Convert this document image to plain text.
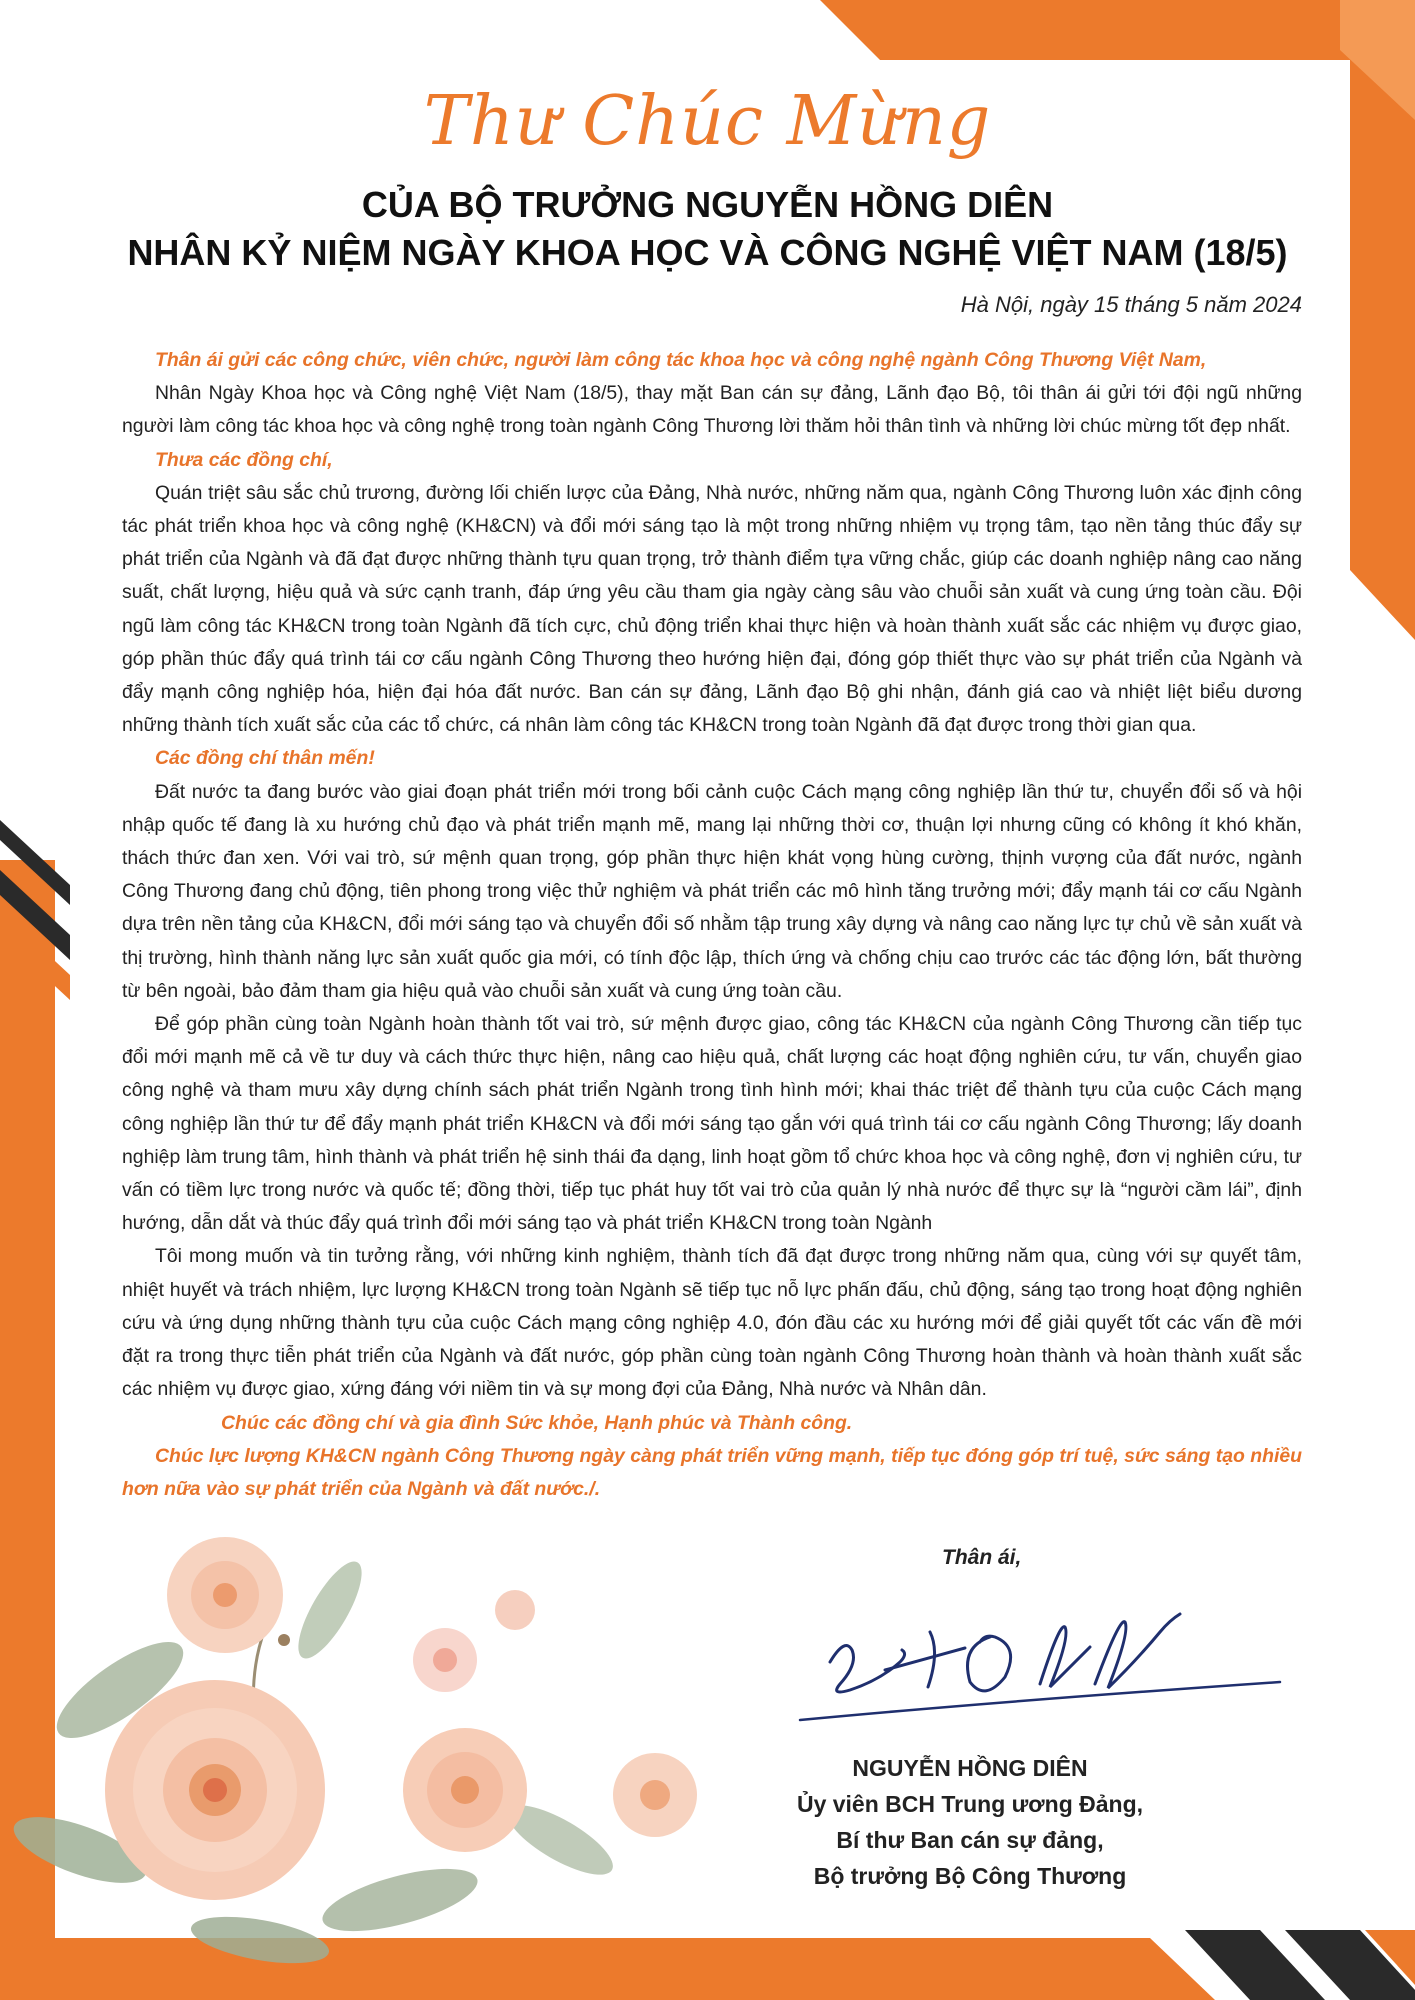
Thư Chúc Mừng
CỦA BỘ TRƯỞNG NGUYỄN HỒNG DIÊN
NHÂN KỶ NIỆM NGÀY KHOA HỌC VÀ CÔNG NGHỆ VIỆT NAM (18/5)
Hà Nội, ngày 15 tháng 5 năm 2024

Thân ái gửi các công chức, viên chức, người làm công tác khoa học và công nghệ ngành Công Thương Việt Nam,

Nhân Ngày Khoa học và Công nghệ Việt Nam (18/5), thay mặt Ban cán sự đảng, Lãnh đạo Bộ, tôi thân ái gửi tới đội ngũ những người làm công tác khoa học và công nghệ trong toàn ngành Công Thương lời thăm hỏi thân tình và những lời chúc mừng tốt đẹp nhất.

Thưa các đồng chí,

Quán triệt sâu sắc chủ trương, đường lối chiến lược của Đảng, Nhà nước, những năm qua, ngành Công Thương luôn xác định công tác phát triển khoa học và công nghệ (KH&CN) và đổi mới sáng tạo là một trong những nhiệm vụ trọng tâm, tạo nền tảng thúc đẩy sự phát triển của Ngành và đã đạt được những thành tựu quan trọng, trở thành điểm tựa vững chắc, giúp các doanh nghiệp nâng cao năng suất, chất lượng, hiệu quả và sức cạnh tranh, đáp ứng yêu cầu tham gia ngày càng sâu vào chuỗi sản xuất và cung ứng toàn cầu. Đội ngũ làm công tác KH&CN trong toàn Ngành đã tích cực, chủ động triển khai thực hiện và hoàn thành xuất sắc các nhiệm vụ được giao, góp phần thúc đẩy quá trình tái cơ cấu ngành Công Thương theo hướng hiện đại, đóng góp thiết thực vào sự phát triển của Ngành và đẩy mạnh công nghiệp hóa, hiện đại hóa đất nước. Ban cán sự đảng, Lãnh đạo Bộ ghi nhận, đánh giá cao và nhiệt liệt biểu dương những thành tích xuất sắc của các tổ chức, cá nhân làm công tác KH&CN trong toàn Ngành đã đạt được trong thời gian qua.

Các đồng chí thân mến!

Đất nước ta đang bước vào giai đoạn phát triển mới trong bối cảnh cuộc Cách mạng công nghiệp lần thứ tư, chuyển đổi số và hội nhập quốc tế đang là xu hướng chủ đạo và phát triển mạnh mẽ, mang lại những thời cơ, thuận lợi nhưng cũng có không ít khó khăn, thách thức đan xen. Với vai trò, sứ mệnh quan trọng, góp phần thực hiện khát vọng hùng cường, thịnh vượng của đất nước, ngành Công Thương đang chủ động, tiên phong trong việc thử nghiệm và phát triển các mô hình tăng trưởng mới; đẩy mạnh tái cơ cấu Ngành dựa trên nền tảng của KH&CN, đổi mới sáng tạo và chuyển đổi số nhằm tập trung xây dựng và nâng cao năng lực tự chủ về sản xuất và thị trường, hình thành năng lực sản xuất quốc gia mới, có tính độc lập, thích ứng và chống chịu cao trước các tác động lớn, bất thường từ bên ngoài, bảo đảm tham gia hiệu quả vào chuỗi sản xuất và cung ứng toàn cầu.

Để góp phần cùng toàn Ngành hoàn thành tốt vai trò, sứ mệnh được giao, công tác KH&CN của ngành Công Thương cần tiếp tục đổi mới mạnh mẽ cả về tư duy và cách thức thực hiện, nâng cao hiệu quả, chất lượng các hoạt động nghiên cứu, tư vấn, chuyển giao công nghệ và tham mưu xây dựng chính sách phát triển Ngành trong tình hình mới; khai thác triệt để thành tựu của cuộc Cách mạng công nghiệp lần thứ tư để đẩy mạnh phát triển KH&CN và đổi mới sáng tạo gắn với quá trình tái cơ cấu ngành Công Thương; lấy doanh nghiệp làm trung tâm, hình thành và phát triển hệ sinh thái đa dạng, linh hoạt gồm tổ chức khoa học và công nghệ, đơn vị nghiên cứu, tư vấn có tiềm lực trong nước và quốc tế; đồng thời, tiếp tục phát huy tốt vai trò của quản lý nhà nước để thực sự là “người cầm lái”, định hướng, dẫn dắt và thúc đẩy quá trình đổi mới sáng tạo và phát triển KH&CN trong toàn Ngành

Tôi mong muốn và tin tưởng rằng, với những kinh nghiệm, thành tích đã đạt được trong những năm qua, cùng với sự quyết tâm, nhiệt huyết và trách nhiệm, lực lượng KH&CN trong toàn Ngành sẽ tiếp tục nỗ lực phấn đấu, chủ động, sáng tạo trong hoạt động nghiên cứu và ứng dụng những thành tựu của cuộc Cách mạng công nghiệp 4.0, đón đầu các xu hướng mới để giải quyết tốt các vấn đề mới đặt ra trong thực tiễn phát triển của Ngành và đất nước, góp phần cùng toàn ngành Công Thương hoàn thành và hoàn thành xuất sắc các nhiệm vụ được giao, xứng đáng với niềm tin và sự mong đợi của Đảng, Nhà nước và Nhân dân.

Chúc các đồng chí và gia đình Sức khỏe, Hạnh phúc và Thành công.

Chúc lực lượng KH&CN ngành Công Thương ngày càng phát triển vững mạnh, tiếp tục đóng góp trí tuệ, sức sáng tạo nhiều hơn nữa vào sự phát triển của Ngành và đất nước./.

Thân ái,
NGUYỄN HỒNG DIÊN
Ủy viên BCH Trung ương Đảng,
Bí thư Ban cán sự đảng,
Bộ trưởng Bộ Công Thương
